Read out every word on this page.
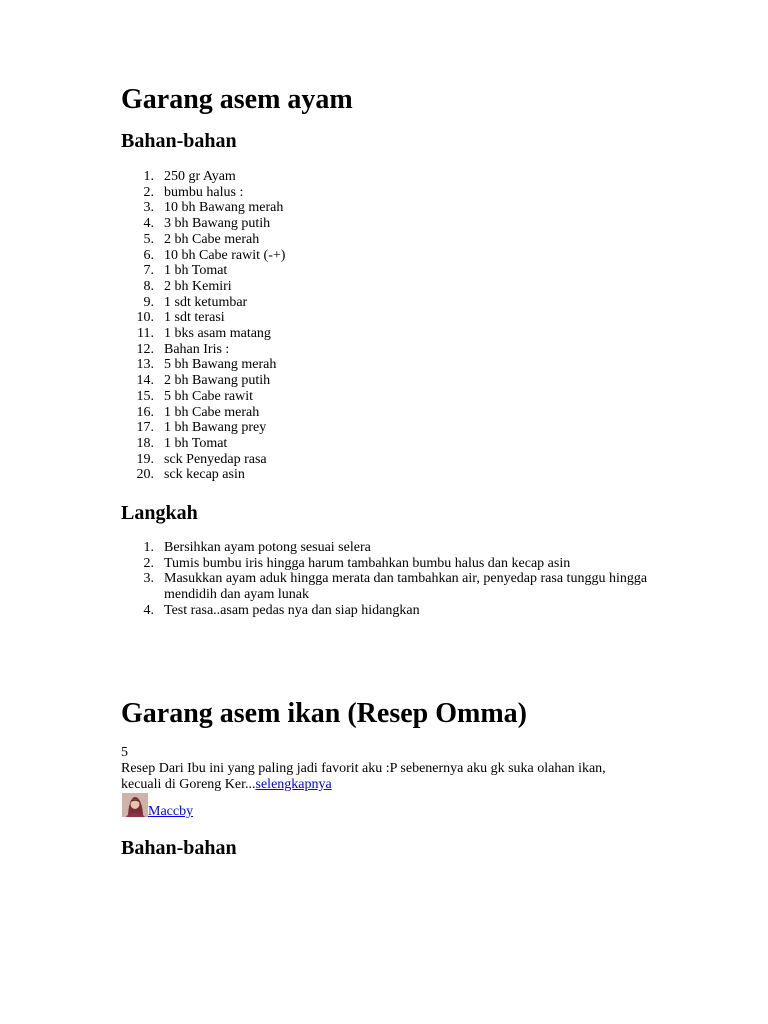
Garang asem ayam
Bahan-bahan
1. 250 gr Ayam
2. bumbu halus :
3. 10 bh Bawang merah
4. 3 bh Bawang putih
5. 2 bh Cabe merah
6. 10 bh Cabe rawit (-+)
7. 1 bh Tomat
8. 2 bh Kemiri
9. 1 sdt ketumbar
10. 1 sdt terasi
11. 1 bks asam matang
12. Bahan Iris :
13. 5 bh Bawang merah
14. 2 bh Bawang putih
15. 5 bh Cabe rawit
16. 1 bh Cabe merah
17. 1 bh Bawang prey
18. 1 bh Tomat
19. sck Penyedap rasa
20. sck kecap asin
Langkah
1. Bersihkan ayam potong sesuai selera
2. Tumis bumbu iris hingga harum tambahkan bumbu halus dan kecap asin
3. Masukkan ayam aduk hingga merata dan tambahkan air, penyedap rasa tunggu hingga mendidih dan ayam lunak
4. Test rasa..asam pedas nya dan siap hidangkan
Garang asem ikan (Resep Omma)
5
Resep Dari Ibu ini yang paling jadi favorit aku :P sebenernya aku gk suka olahan ikan, kecuali di Goreng Ker...selengkapnya
Maccby
Bahan-bahan
